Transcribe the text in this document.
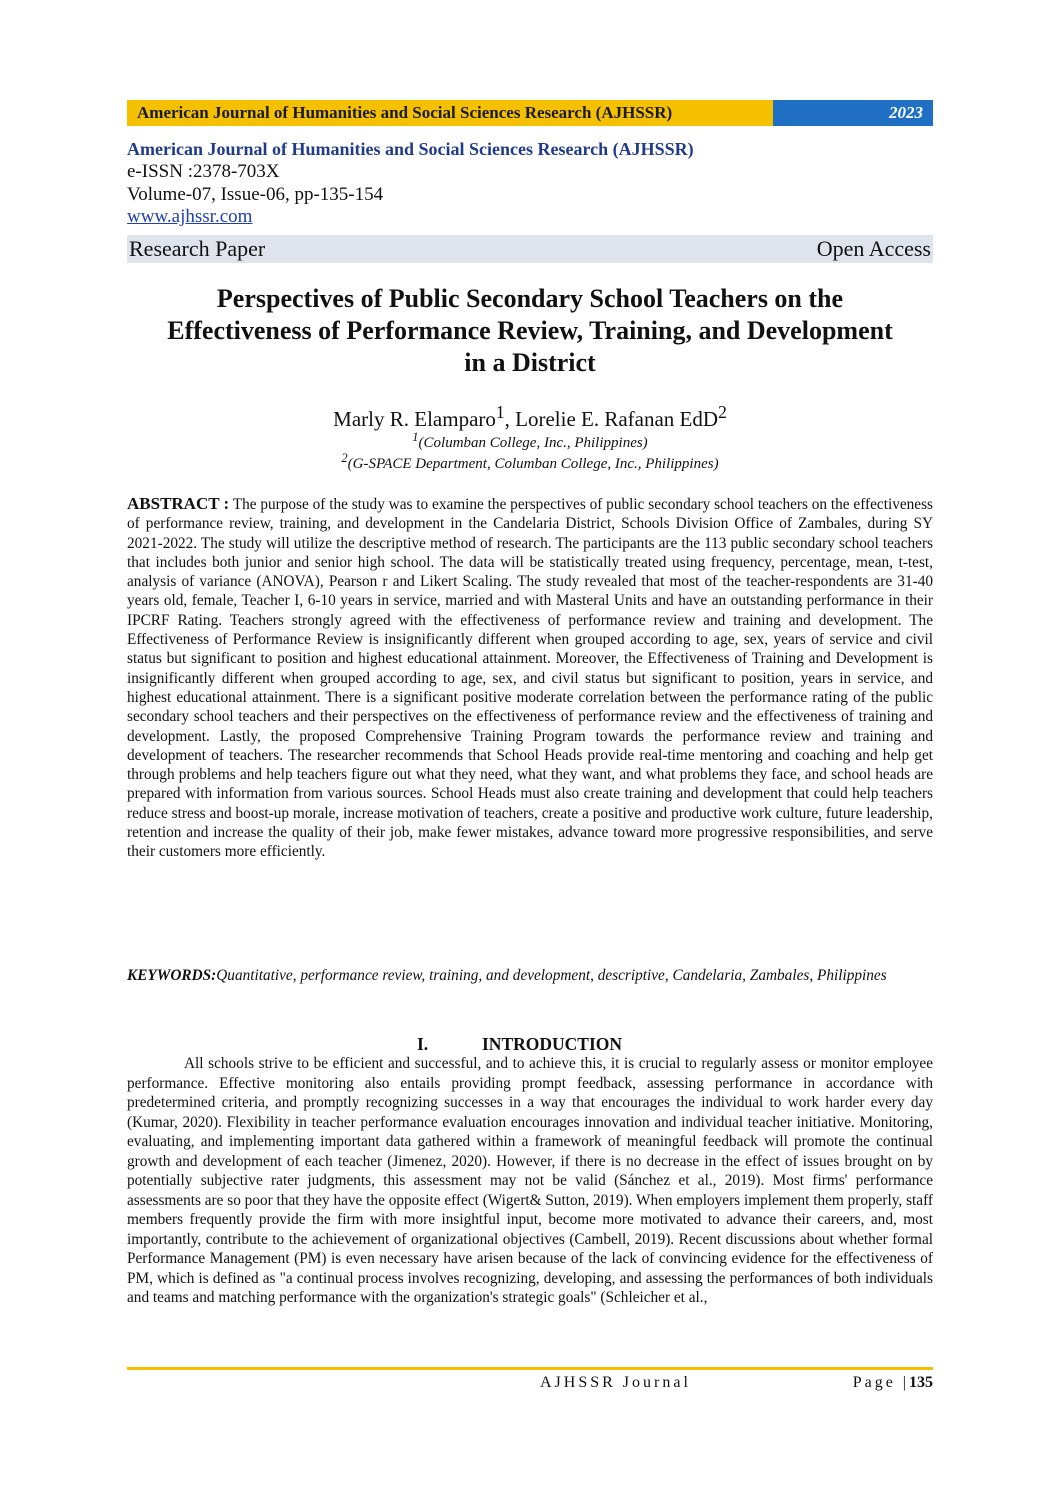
American Journal of Humanities and Social Sciences Research (AJHSSR)	2023
American Journal of Humanities and Social Sciences Research (AJHSSR)
e-ISSN :2378-703X
Volume-07, Issue-06, pp-135-154
www.ajhssr.com
Research Paper	Open Access
Perspectives of Public Secondary School Teachers on the
Effectiveness of Performance Review, Training, and Development
in a District
Marly R. Elamparo$^1$, Lorelie E. Rafanan EdD$^2$
$^1$(Columban College, Inc., Philippines)
$^2$(G-SPACE Department, Columban College, Inc., Philippines)

ABSTRACT : The purpose of the study was to examine the perspectives of public secondary school teachers on the effectiveness of performance review, training, and development in the Candelaria District, Schools Division Office of Zambales, during SY 2021-2022. The study will utilize the descriptive method of research. The participants are the 113 public secondary school teachers that includes both junior and senior high school. The data will be statistically treated using frequency, percentage, mean, t-test, analysis of variance (ANOVA), Pearson r and Likert Scaling. The study revealed that most of the teacher-respondents are 31-40 years old, female, Teacher I, 6-10 years in service, married and with Masteral Units and have an outstanding performance in their IPCRF Rating. Teachers strongly agreed with the effectiveness of performance review and training and development. The Effectiveness of Performance Review is insignificantly different when grouped according to age, sex, years of service and civil status but significant to position and highest educational attainment. Moreover, the Effectiveness of Training and Development is insignificantly different when grouped according to age, sex, and civil status but significant to position, years in service, and highest educational attainment. There is a significant positive moderate correlation between the performance rating of the public secondary school teachers and their perspectives on the effectiveness of performance review and the effectiveness of training and development. Lastly, the proposed Comprehensive Training Program towards the performance review and training and development of teachers. The researcher recommends that School Heads provide real-time mentoring and coaching and help get through problems and help teachers figure out what they need, what they want, and what problems they face, and school heads are prepared with information from various sources. School Heads must also create training and development that could help teachers reduce stress and boost-up morale, increase motivation of teachers, create a positive and productive work culture, future leadership, retention and increase the quality of their job, make fewer mistakes, advance toward more progressive responsibilities, and serve their customers more efficiently.

KEYWORDS:Quantitative, performance review, training, and development, descriptive, Candelaria, Zambales, Philippines

I.	INTRODUCTION

All schools strive to be efficient and successful, and to achieve this, it is crucial to regularly assess or monitor employee performance. Effective monitoring also entails providing prompt feedback, assessing performance in accordance with predetermined criteria, and promptly recognizing successes in a way that encourages the individual to work harder every day (Kumar, 2020). Flexibility in teacher performance evaluation encourages innovation and individual teacher initiative. Monitoring, evaluating, and implementing important data gathered within a framework of meaningful feedback will promote the continual growth and development of each teacher (Jimenez, 2020). However, if there is no decrease in the effect of issues brought on by potentially subjective rater judgments, this assessment may not be valid (Sánchez et al., 2019). Most firms' performance assessments are so poor that they have the opposite effect (Wigert& Sutton, 2019). When employers implement them properly, staff members frequently provide the firm with more insightful input, become more motivated to advance their careers, and, most importantly, contribute to the achievement of organizational objectives (Cambell, 2019). Recent discussions about whether formal Performance Management (PM) is even necessary have arisen because of the lack of convincing evidence for the effectiveness of PM, which is defined as "a continual process involves recognizing, developing, and assessing the performances of both individuals and teams and matching performance with the organization's strategic goals" (Schleicher et al.,

AJHSSR Journal	Page |135
